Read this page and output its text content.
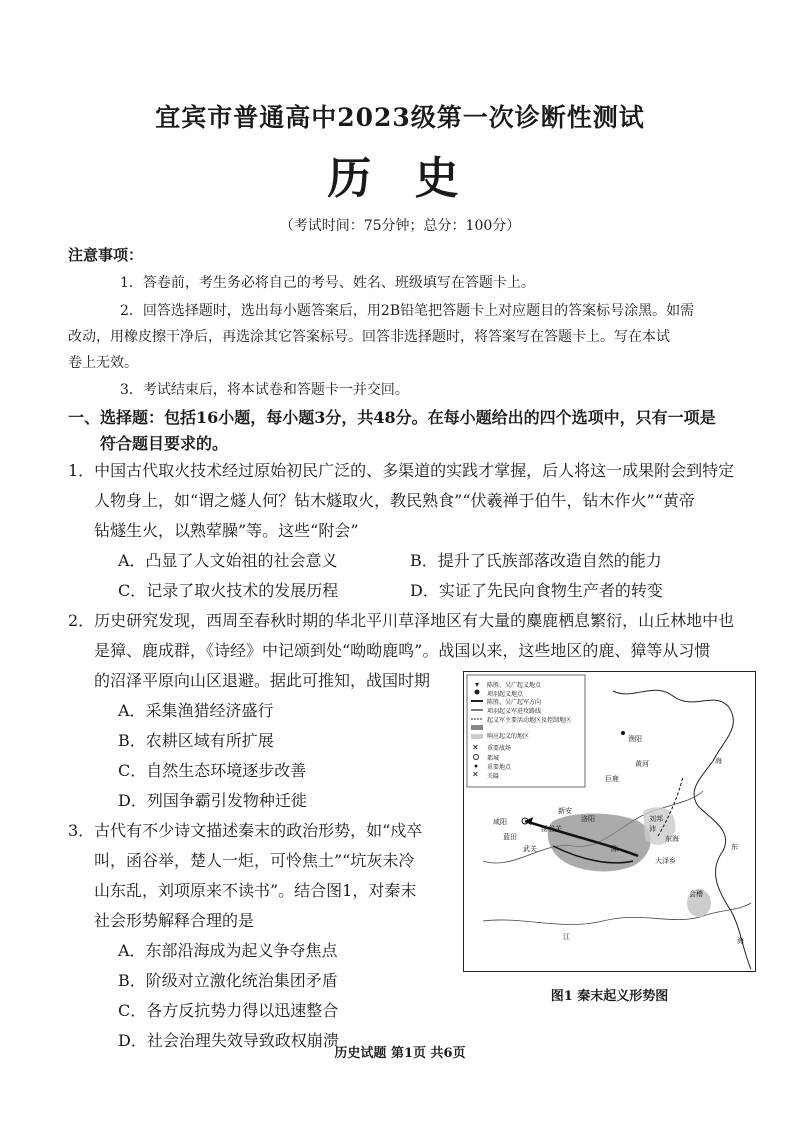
宜宾市普通高中2023级第一次诊断性测试
历 史
（考试时间：75分钟；总分：100分）
注意事项：
1．答卷前，考生务必将自己的考号、姓名、班级填写在答题卡上。
2．回答选择题时，选出每小题答案后，用2B铅笔把答题卡上对应题目的答案标号涂黑。如需
改动，用橡皮擦干净后，再选涂其它答案标号。回答非选择题时，将答案写在答题卡上。写在本试
卷上无效。
3．考试结束后，将本试卷和答题卡一并交回。
一、选择题：包括16小题，每小题3分，共48分。在每小题给出的四个选项中，只有一项是
符合题目要求的。
1．中国古代取火技术经过原始初民广泛的、多渠道的实践才掌握，后人将这一成果附会到特定
人物身上，如“谓之燧人何？钻木燧取火，教民熟食”“伏羲禅于伯牛，钻木作火”“黄帝
钻燧生火，以熟荤臊”等。这些“附会”
A．凸显了人文始祖的社会意义	B．提升了氏族部落改造自然的能力
C．记录了取火技术的发展历程	D．实证了先民向食物生产者的转变
2．历史研究发现，西周至春秋时期的华北平川草泽地区有大量的麋鹿栖息繁衍，山丘林地中也
是獐、鹿成群，《诗经》中记颂到处“呦呦鹿鸣”。战国以来，这些地区的鹿、獐等从习惯
的沼泽平原向山区退避。据此可推知，战国时期
A．采集渔猎经济盛行
B．农耕区域有所扩展
C．自然生态环境逐步改善
D．列国争霸引发物种迁徙
3．古代有不少诗文描述秦末的政治形势，如“戍卒
叫，函谷举，楚人一炬，可怜焦土”“坑灰未冷
山东乱，刘项原来不读书”。结合图1，对秦末
社会形势解释合理的是
A．东部沿海成为起义争夺焦点
B．阶级对立激化统治集团矛盾
C．各方反抗势力得以迅速整合
D．社会治理失效导致政权崩溃
✕
✕
陈胜、吴广起义地点
项羽起义地点
陈胜、吴广起军方向
项羽起义军进攻路线
起义军主要活动地区及控制地区
响应起义的地区
重要战场
都城
重要地点
关隘
渔阳
巨鹿
咸阳
函谷关
新安
洛阳	刘邦
沛
东海
陈
大泽乡
会稽
武关
蓝田
黄河
江
海
东
海
图1 秦末起义形势图
历史试题 第1页 共6页
